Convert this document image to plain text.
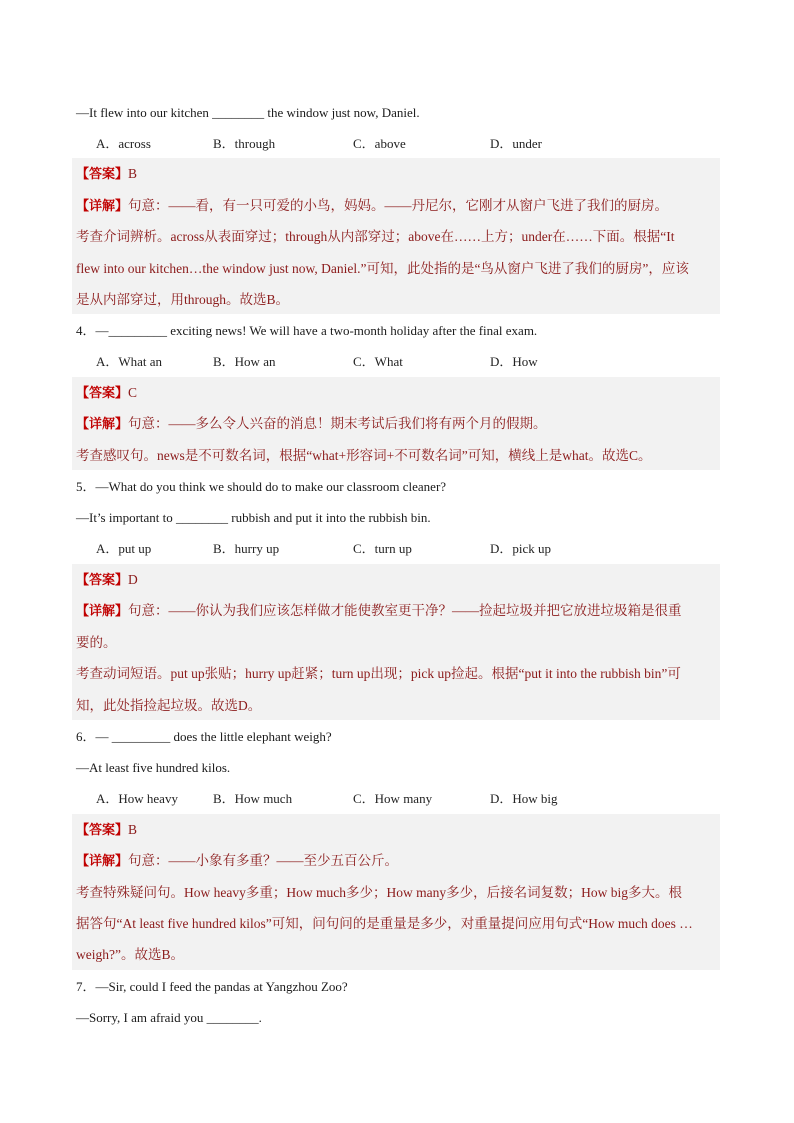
—It flew into our kitchen ________ the window just now, Daniel.
A．across	B．through	C．above	D．under
【答案】B
【详解】句意：——看，有一只可爱的小鸟，妈妈。——丹尼尔，它刚才从窗户飞进了我们的厨房。
考查介词辨析。across从表面穿过；through从内部穿过；above在……上方；under在……下面。根据“It
flew into our kitchen…the window just now, Daniel.”可知，此处指的是“鸟从窗户飞进了我们的厨房”，应该
是从内部穿过，用through。故选B。
4．—_________ exciting news! We will have a two-month holiday after the final exam.
A．What an	B．How an	C．What	D．How
【答案】C
【详解】句意：——多么令人兴奋的消息！期末考试后我们将有两个月的假期。
考查感叹句。news是不可数名词，根据“what+形容词+不可数名词”可知，横线上是what。故选C。
5．—What do you think we should do to make our classroom cleaner?
—It’s important to ________ rubbish and put it into the rubbish bin.
A．put up	B．hurry up	C．turn up	D．pick up
【答案】D
【详解】句意：——你认为我们应该怎样做才能使教室更干净？——捡起垃圾并把它放进垃圾箱是很重
要的。
考查动词短语。put up张贴；hurry up赶紧；turn up出现；pick up捡起。根据“put it into the rubbish bin”可
知，此处指捡起垃圾。故选D。
6．— _________ does the little elephant weigh?
—At least five hundred kilos.
A．How heavy	B．How much	C．How many	D．How big
【答案】B
【详解】句意：——小象有多重？——至少五百公斤。
考查特殊疑问句。How heavy多重；How much多少；How many多少，后接名词复数；How big多大。根
据答句“At least five hundred kilos”可知，问句问的是重量是多少，对重量提问应用句式“How much does …
weigh?”。故选B。
7．—Sir, could I feed the pandas at Yangzhou Zoo?
—Sorry, I am afraid you ________.
